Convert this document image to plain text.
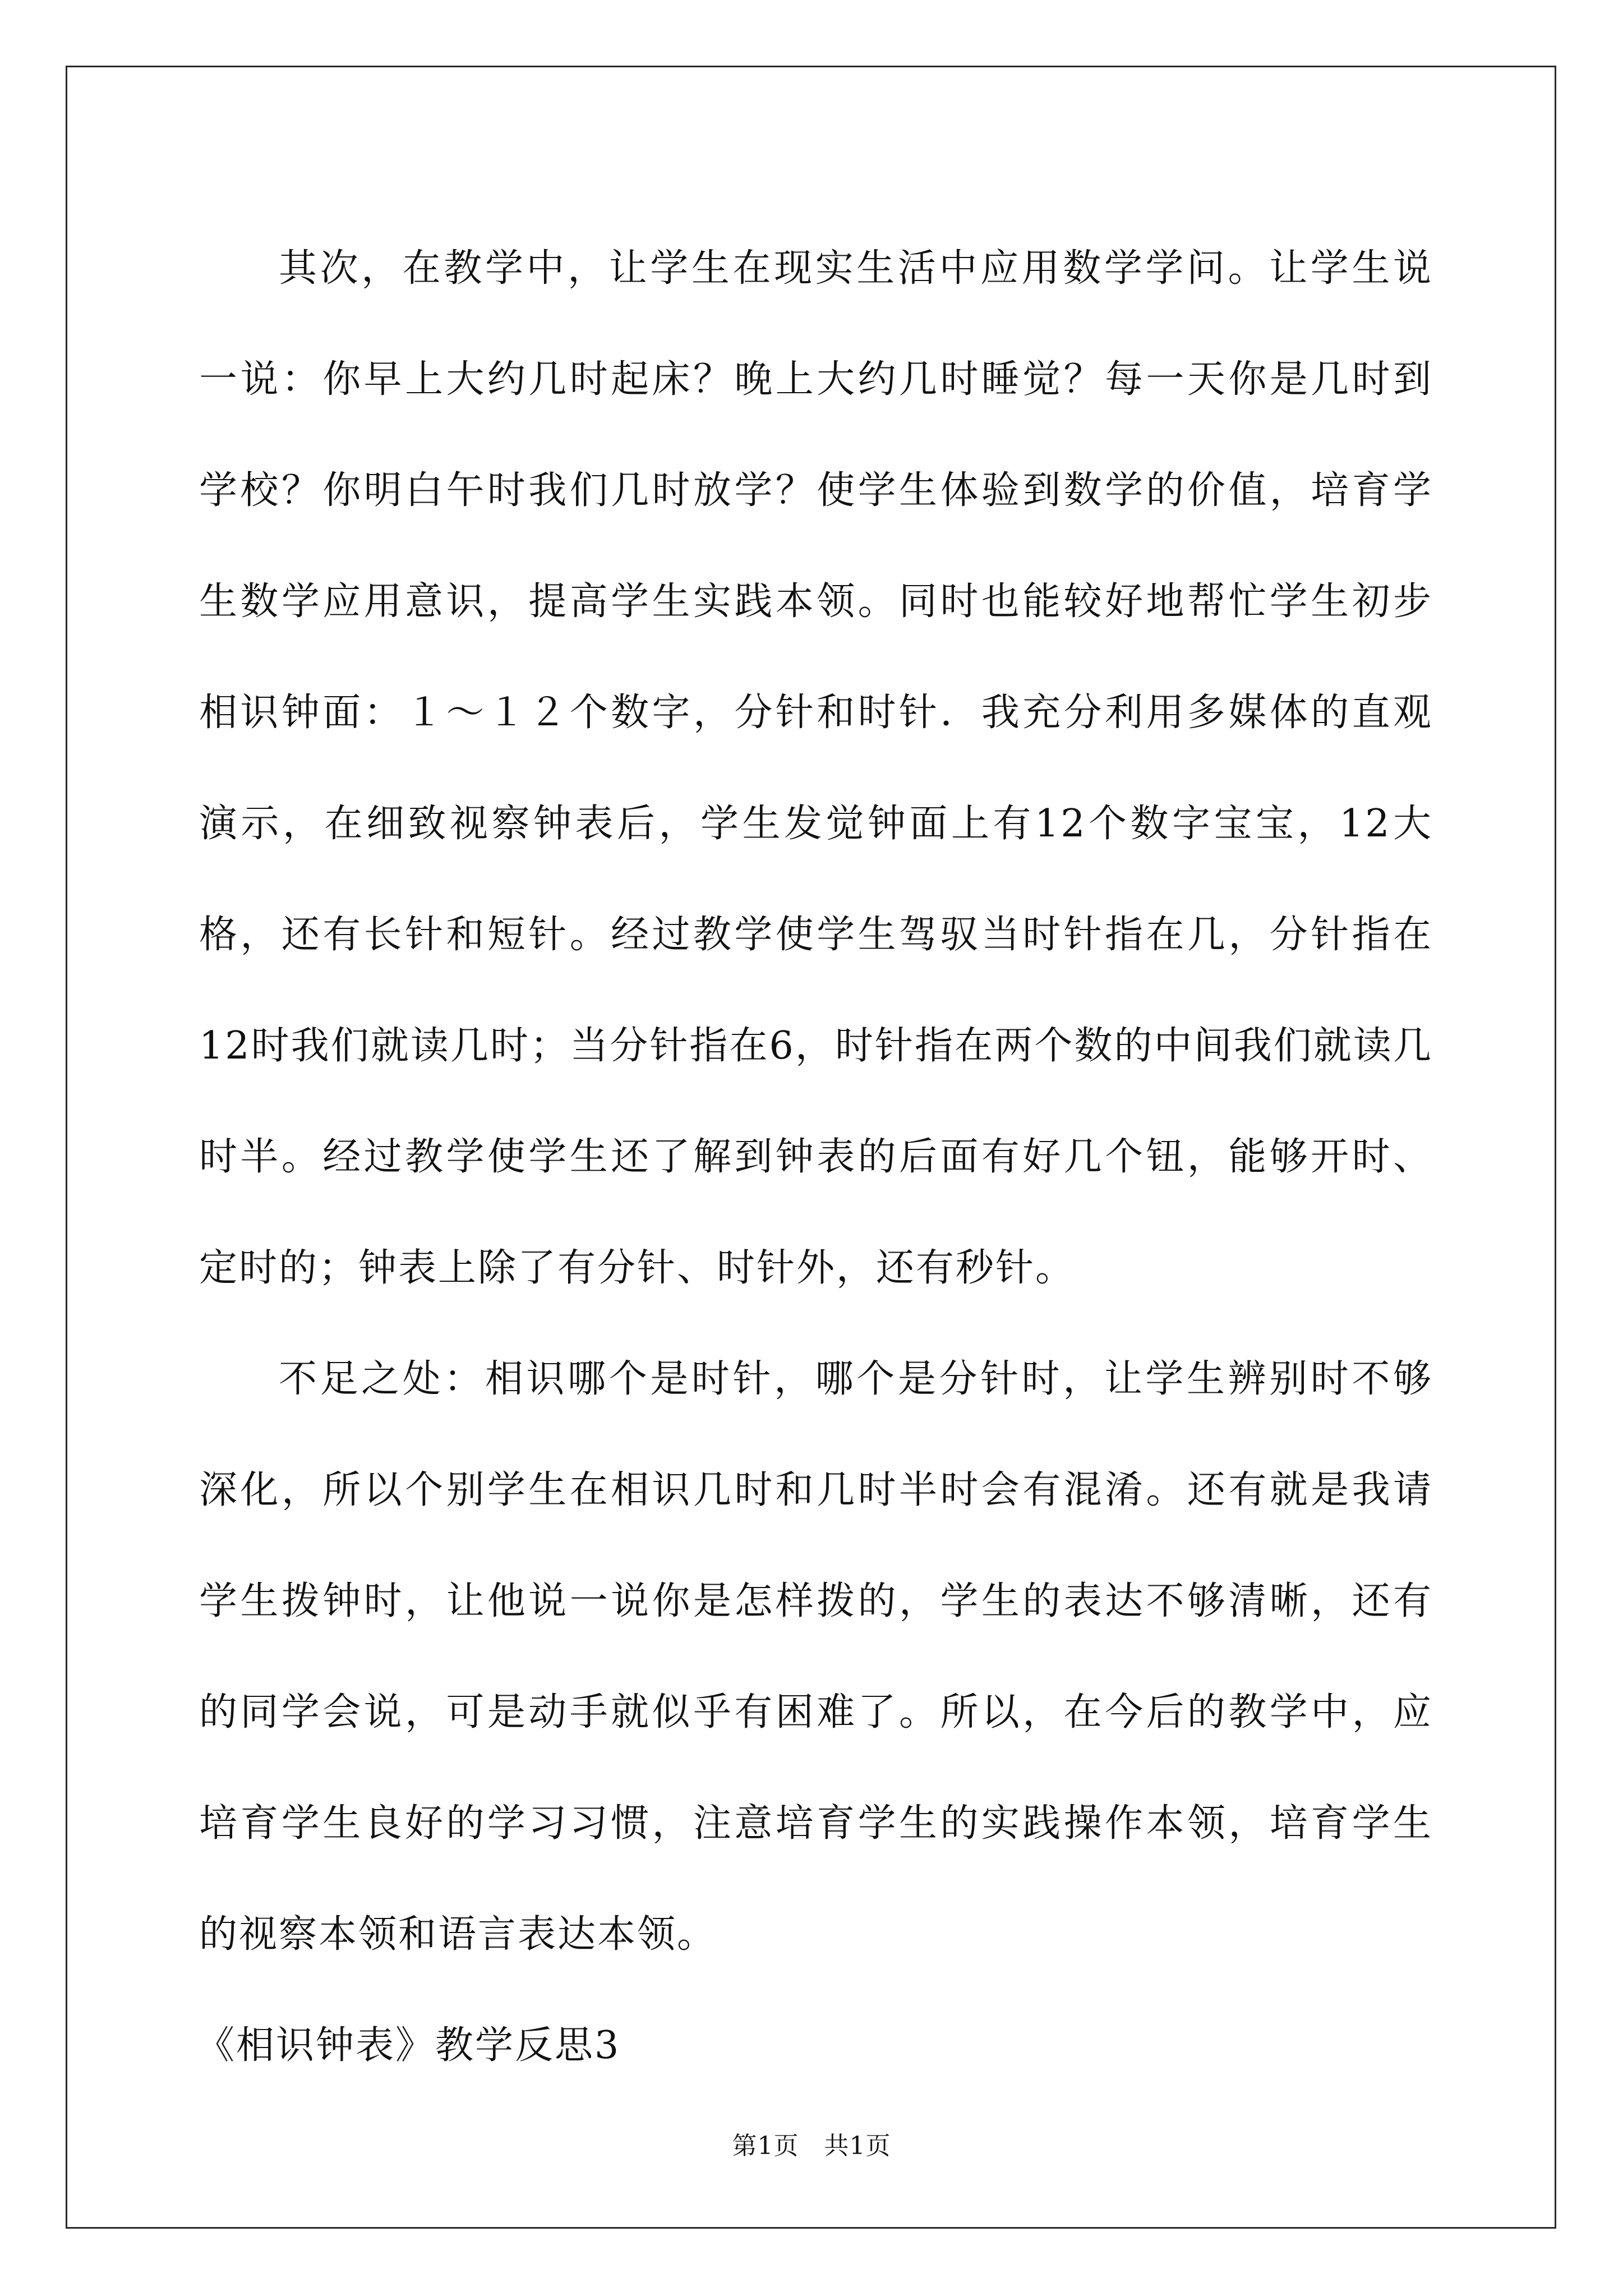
其次，在教学中，让学生在现实生活中应用数学学问。让学生说一说：你早上大约几时起床？晚上大约几时睡觉？每一天你是几时到学校？你明白午时我们几时放学？使学生体验到数学的价值，培育学生数学应用意识，提高学生实践本领。同时也能较好地帮忙学生初步相识钟面：１～１２个数字，分针和时针．我充分利用多媒体的直观演示，在细致视察钟表后，学生发觉钟面上有12个数字宝宝，12大格，还有长针和短针。经过教学使学生驾驭当时针指在几，分针指在12时我们就读几时；当分针指在6，时针指在两个数的中间我们就读几时半。经过教学使学生还了解到钟表的后面有好几个钮，能够开时、定时的；钟表上除了有分针、时针外，还有秒针。

不足之处：相识哪个是时针，哪个是分针时，让学生辨别时不够深化，所以个别学生在相识几时和几时半时会有混淆。还有就是我请学生拨钟时，让他说一说你是怎样拨的，学生的表达不够清晰，还有的同学会说，可是动手就似乎有困难了。所以，在今后的教学中，应培育学生良好的学习习惯，注意培育学生的实践操作本领，培育学生的视察本领和语言表达本领。

《相识钟表》教学反思3

第1页 共1页
